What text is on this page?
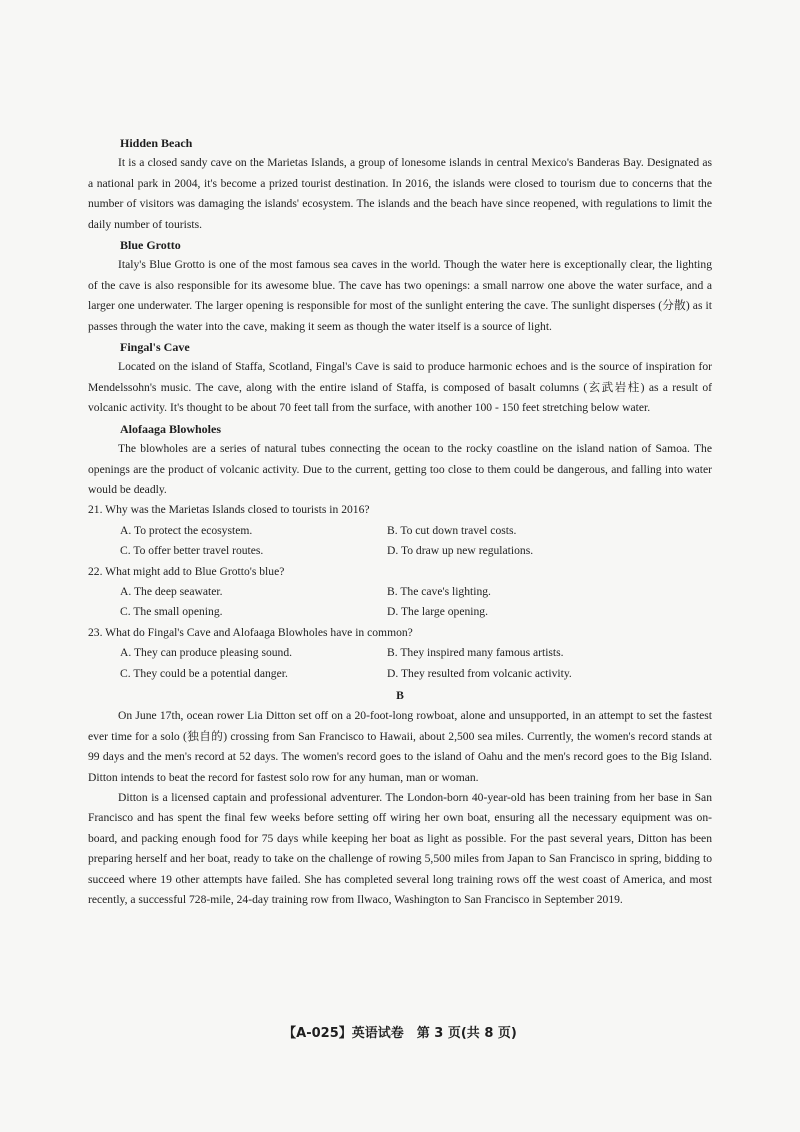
Hidden Beach

It is a closed sandy cave on the Marietas Islands, a group of lonesome islands in central Mexico's Banderas Bay. Designated as a national park in 2004, it's become a prized tourist destination. In 2016, the islands were closed to tourism due to concerns that the number of visitors was damaging the islands' ecosystem. The islands and the beach have since reopened, with regulations to limit the daily number of tourists.

Blue Grotto

Italy's Blue Grotto is one of the most famous sea caves in the world. Though the water here is exceptionally clear, the lighting of the cave is also responsible for its awesome blue. The cave has two openings: a small narrow one above the water surface, and a larger one underwater. The larger opening is responsible for most of the sunlight entering the cave. The sunlight disperses (分散) as it passes through the water into the cave, making it seem as though the water itself is a source of light.

Fingal's Cave

Located on the island of Staffa, Scotland, Fingal's Cave is said to produce harmonic echoes and is the source of inspiration for Mendelssohn's music. The cave, along with the entire island of Staffa, is composed of basalt columns (玄武岩柱) as a result of volcanic activity. It's thought to be about 70 feet tall from the surface, with another 100 - 150 feet stretching below water.

Alofaaga Blowholes

The blowholes are a series of natural tubes connecting the ocean to the rocky coastline on the island nation of Samoa. The openings are the product of volcanic activity. Due to the current, getting too close to them could be dangerous, and falling into water would be deadly.

21. Why was the Marietas Islands closed to tourists in 2016?

A. To protect the ecosystem.	B. To cut down travel costs.

C. To offer better travel routes.	D. To draw up new regulations.

22. What might add to Blue Grotto's blue?

A. The deep seawater.	B. The cave's lighting.

C. The small opening.	D. The large opening.

23. What do Fingal's Cave and Alofaaga Blowholes have in common?

A. They can produce pleasing sound.	B. They inspired many famous artists.

C. They could be a potential danger.	D. They resulted from volcanic activity.

B

On June 17th, ocean rower Lia Ditton set off on a 20-foot-long rowboat, alone and unsupported, in an attempt to set the fastest ever time for a solo (独自的) crossing from San Francisco to Hawaii, about 2,500 sea miles. Currently, the women's record stands at 99 days and the men's record at 52 days. The women's record goes to the island of Oahu and the men's record goes to the Big Island. Ditton intends to beat the record for fastest solo row for any human, man or woman.

Ditton is a licensed captain and professional adventurer. The London-born 40-year-old has been training from her base in San Francisco and has spent the final few weeks before setting off wiring her own boat, ensuring all the necessary equipment was on-board, and packing enough food for 75 days while keeping her boat as light as possible. For the past several years, Ditton has been preparing herself and her boat, ready to take on the challenge of rowing 5,500 miles from Japan to San Francisco in spring, bidding to succeed where 19 other attempts have failed. She has completed several long training rows off the west coast of America, and most recently, a successful 728-mile, 24-day training row from Ilwaco, Washington to San Francisco in September 2019.

【A-025】英语试卷　第 3 页(共 8 页)
